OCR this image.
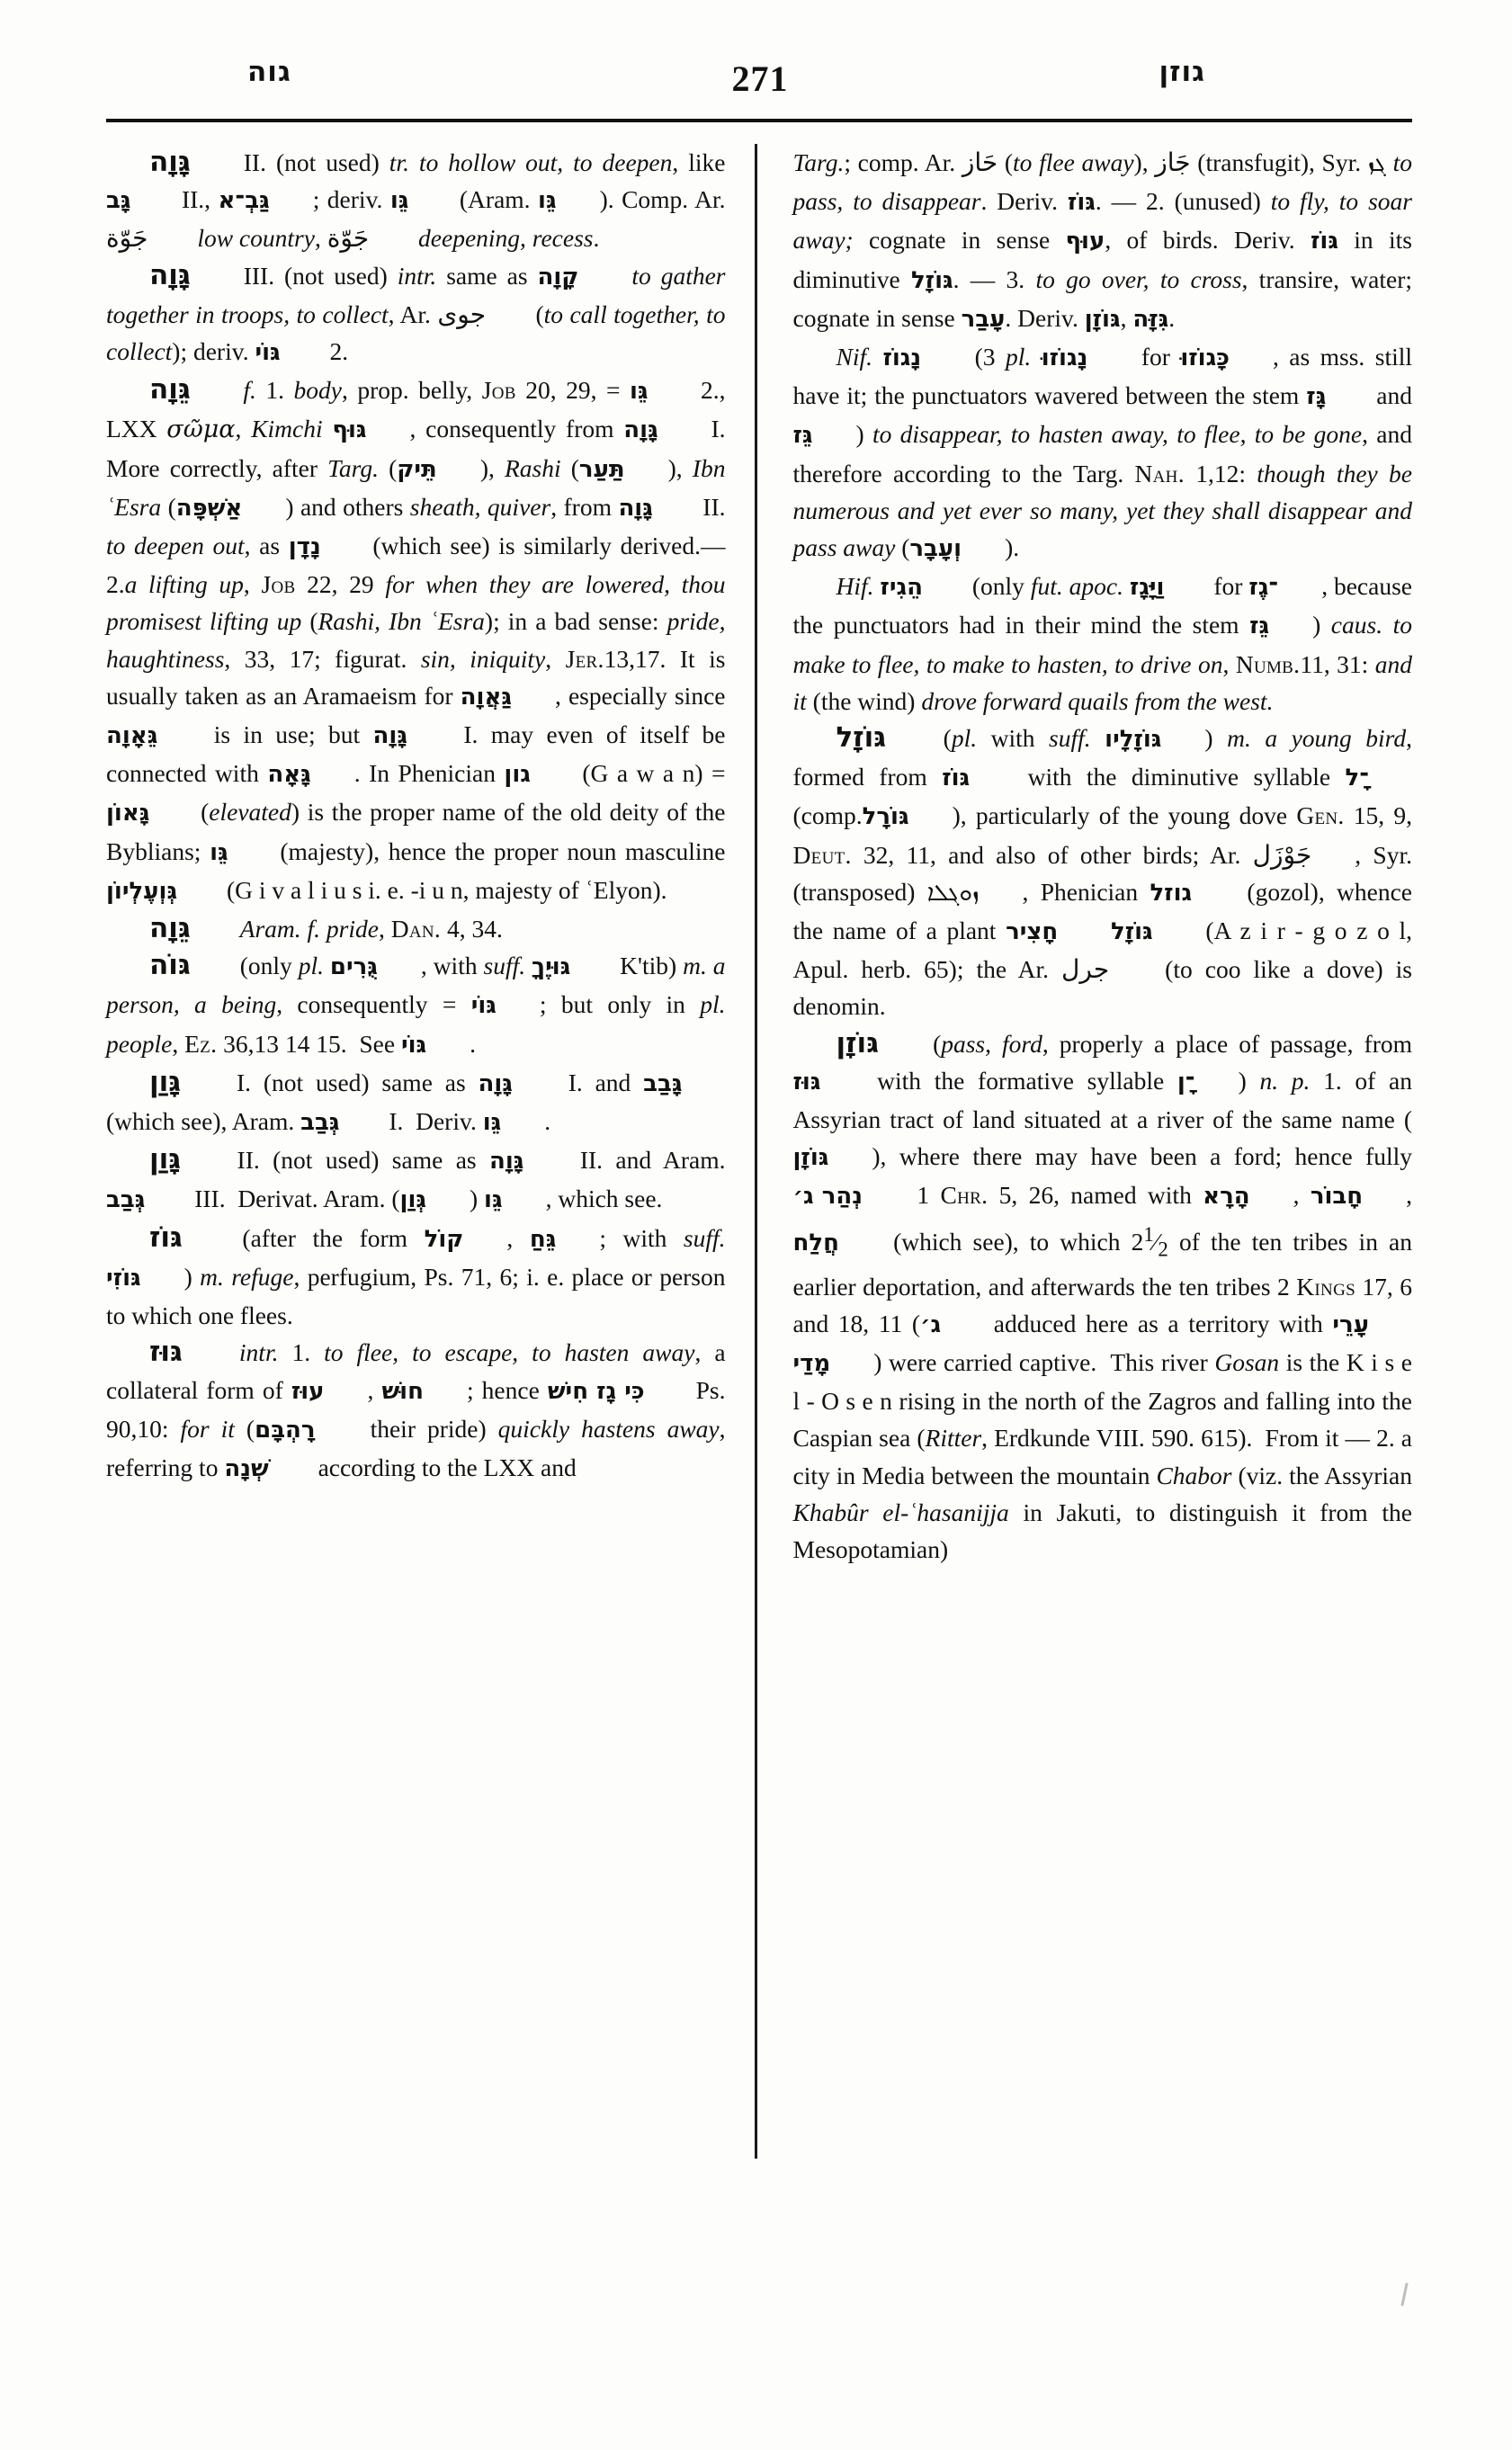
גוה	271	גוזן

גָּוָה II. (not used) tr. to hollow out, to deepen, like גָּב II., גַּבְ־א ; deriv. גֵּו (Aram. גֵּו ). Comp. Ar. جَوّة low country, جَوّة deepening, recess.

גָּוָה III. (not used) intr. same as קָוָה to gather together in troops, to collect, Ar. جوى (to call together, to collect); deriv. גּוֹי 2.

גֵּוָה f. 1. body, prop. belly, Job 20, 29, = גֵּו 2., LXX σῶμα, Kimchi גּוּף , consequently from גָּוָה I. More correctly, after Targ. (תֵּיק ), Rashi (תַּעַר ), Ibn ʿEsra (אַשְׁפָּה ) and others sheath, quiver, from גָּוָה II. to deepen out, as נָדָן (which see) is similarly derived.—2.a lifting up, Job 22, 29 for when they are lowered, thou promisest lifting up (Rashi, Ibn ʿEsra); in a bad sense: pride, haughtiness, 33, 17; figurat. sin, iniquity, Jer.13,17. It is usually taken as an Aramaeism for גַּאֲוָה , especially since גֵּאָוָה is in use; but גָּוָה I. may even of itself be connected with גָּאָה . In Phenician גון (G a w a n) = גָּאוֹן (elevated) is the proper name of the old deity of the Byblians; גֵּו (majesty), hence the proper noun masculine גְּוְעֶלְיוֹן (G i v a l i u s i. e. -i u n, majesty of ʿElyon).

גֵּוָה Aram. f. pride, Dan. 4, 34.

גּוֹה (only pl. גֻּרִים , with suff. גּוּיֶךָ K'tib) m. a person, a being, consequently = גּוֹי ; but only in pl. people, Ez. 36,13 14 15.  See גּוֹי .

גָּוַן I. (not used) same as גָּוָה I. and גָּבַב (which see), Aram. גְּבַב I.  Deriv. גֵּו .

גָּוַן II. (not used) same as גָּוָה II. and Aram. גְּבַב III.  Derivat. Aram. (גְּוַן ) גֵּו , which see.

גּוֹז (after the form קוֹל , גֵּחַ ; with suff. גּוֹזִי ) m. refuge, perfugium, Ps. 71, 6; i. e. place or person to which one flees.

גּוּז intr. 1. to flee, to escape, to hasten away, a collateral form of עוּז , חוּשׁ ; hence כִּי גָז חִישׁ Ps. 90,10: for it (רָהְבָּם their pride) quickly hastens away, referring to שְׁנָה according to the LXX and

Targ.; comp. Ar. حَاز (to flee away), جَاز (transfugit), Syr. ܓܙ to pass, to disappear. Deriv. גּוֹז. — 2. (unused) to fly, to soar away; cognate in sense עוּף, of birds. Deriv. גּוֹז in its diminutive גּוֹזָל. — 3. to go over, to cross, transire, water; cognate in sense עָבַר. Deriv. גּוֹזָן, גִּזָּה.

Nif. נָגוֹז (3 pl. נָגוֹזוּ for כָּגוֹזוּ , as mss. still have it; the punctuators wavered between the stem גָּז and גֵּז ) to disappear, to hasten away, to flee, to be gone, and therefore according to the Targ. Nah. 1,12: though they be numerous and yet ever so many, yet they shall disappear and pass away (וְעָבָר ).

Hif. הֵגִיז (only fut. apoc. וַיָּגָז for ־גֶז , because the punctuators had in their mind the stem גֵּז ) caus. to make to flee, to make to hasten, to drive on, Numb.11, 31: and it (the wind) drove forward quails from the west.

גּוֹזָל (pl. with suff. גּוֹזָלָיו ) m. a young bird, formed from גּוֹז with the diminutive syllable ־ָל (comp.גּוֹרָל ), particularly of the young dove Gen. 15, 9, Deut. 32, 11, and also of other birds; Ar. جَوْزَل , Syr. (transposed) ܙܘܓܠܐ , Phenician גוזל (gozol), whence the name of a plant חָצִיר גּוֹזָל (A z i r - g o z o l, Apul. herb. 65); the Ar. جرل (to coo like a dove) is denomin.

גּוֹזָן (pass, ford, properly a place of passage, from גּוּז with the formative syllable ־ָן ) n. p. 1. of an Assyrian tract of land situated at a river of the same name (גּוֹזָן ), where there may have been a ford; hence fully נְהַר ג׳ 1 Chr. 5, 26, named with הָרָא , חָבוֹר , חֲלַח (which see), to which $2^1⁄_2$ of the ten tribes in an earlier deportation, and afterwards the ten tribes 2 Kings 17, 6 and 18, 11 (ג׳ adduced here as a territory with עָרֵי מָדַי ) were carried captive.  This river Gosan is the K i s e l - O s e n rising in the north of the Zagros and falling into the Caspian sea (Ritter, Erdkunde VIII. 590. 615).  From it — 2. a city in Media between the mountain Chabor (viz. the Assyrian Khabûr el-ʿhasanijja in Jakuti, to distinguish it from the Mesopotamian)
